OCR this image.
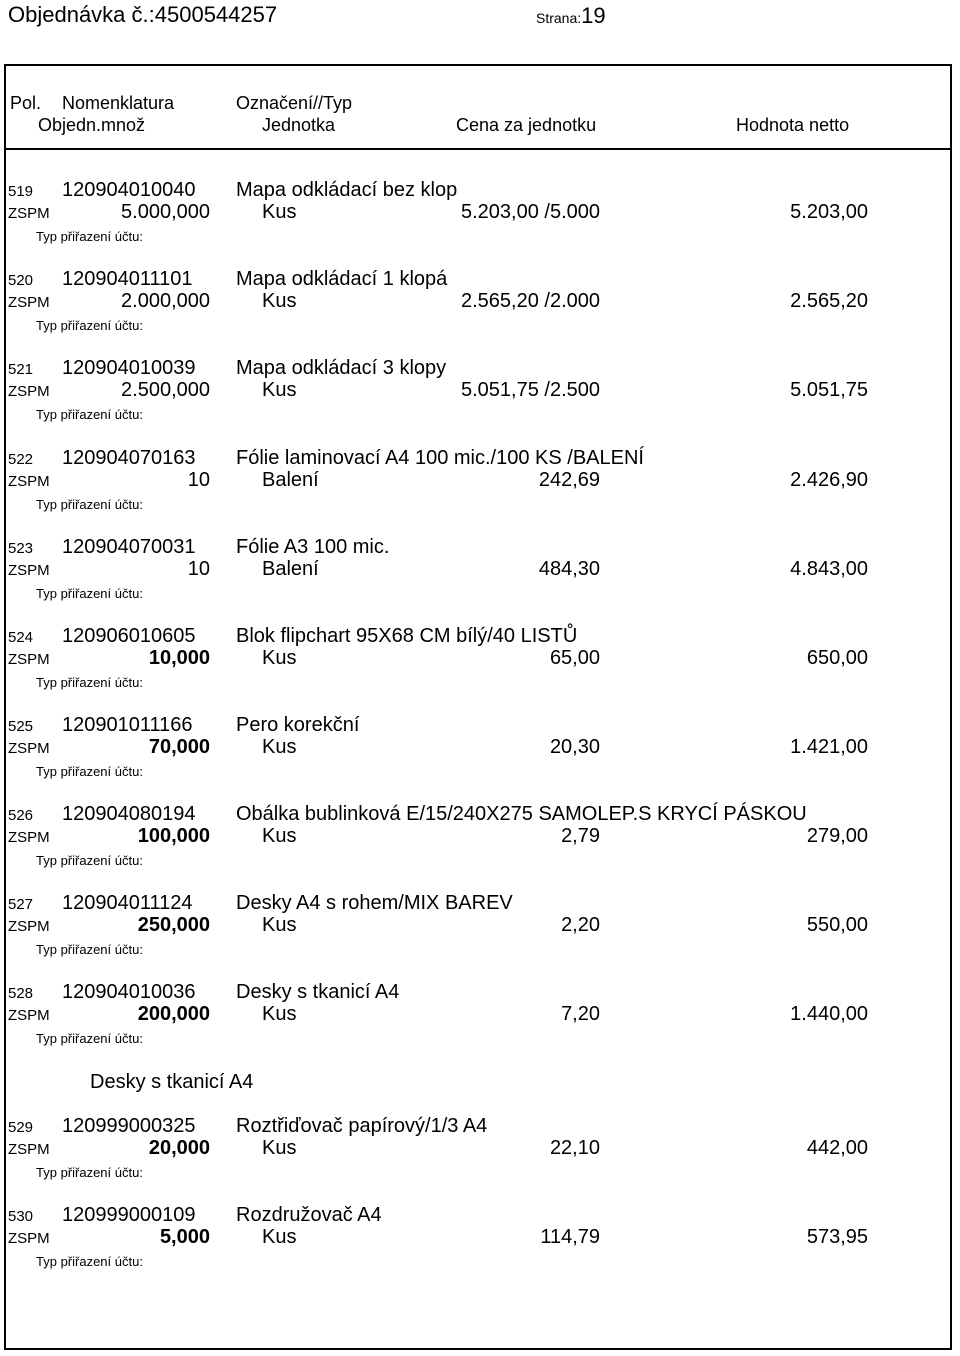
Objednávka č.:4500544257	Strana:19
Pol. Nomenklatura	Označení//Typ
Objedn.množ	Jednotka	Cena za jednotku	Hodnota netto
519 120904010040 Mapa odkládací bez klop
ZSPM	5.000,000	Kus	5.203,00 /5.000	5.203,00
Typ přiřazení účtu:
520 120904011101 Mapa odkládací 1 klopá
ZSPM	2.000,000	Kus	2.565,20 /2.000	2.565,20
Typ přiřazení účtu:
521 120904010039 Mapa odkládací 3 klopy
ZSPM	2.500,000	Kus	5.051,75 /2.500	5.051,75
Typ přiřazení účtu:
522 120904070163 Fólie laminovací A4 100 mic./100 KS /BALENÍ
ZSPM	10	Balení	242,69	2.426,90
Typ přiřazení účtu:
523 120904070031 Fólie A3 100 mic.
ZSPM	10	Balení	484,30	4.843,00
Typ přiřazení účtu:
524 120906010605 Blok flipchart 95X68 CM bílý/40 LISTŮ
ZSPM	10,000	Kus	65,00	650,00
Typ přiřazení účtu:
525 120901011166 Pero korekční
ZSPM	70,000	Kus	20,30	1.421,00
Typ přiřazení účtu:
526 120904080194 Obálka bublinková E/15/240X275 SAMOLEP.S KRYCÍ PÁSKOU
ZSPM	100,000	Kus	2,79	279,00
Typ přiřazení účtu:
527 120904011124 Desky A4 s rohem/MIX BAREV
ZSPM	250,000	Kus	2,20	550,00
Typ přiřazení účtu:
528 120904010036 Desky s tkanicí A4
ZSPM	200,000	Kus	7,20	1.440,00
Typ přiřazení účtu:
529 120999000325 Roztřiďovač papírový/1/3 A4
ZSPM	20,000	Kus	22,10	442,00
Typ přiřazení účtu:
530 120999000109 Rozdružovač A4
ZSPM	5,000	Kus	114,79	573,95
Typ přiřazení účtu:
Desky s tkanicí A4
